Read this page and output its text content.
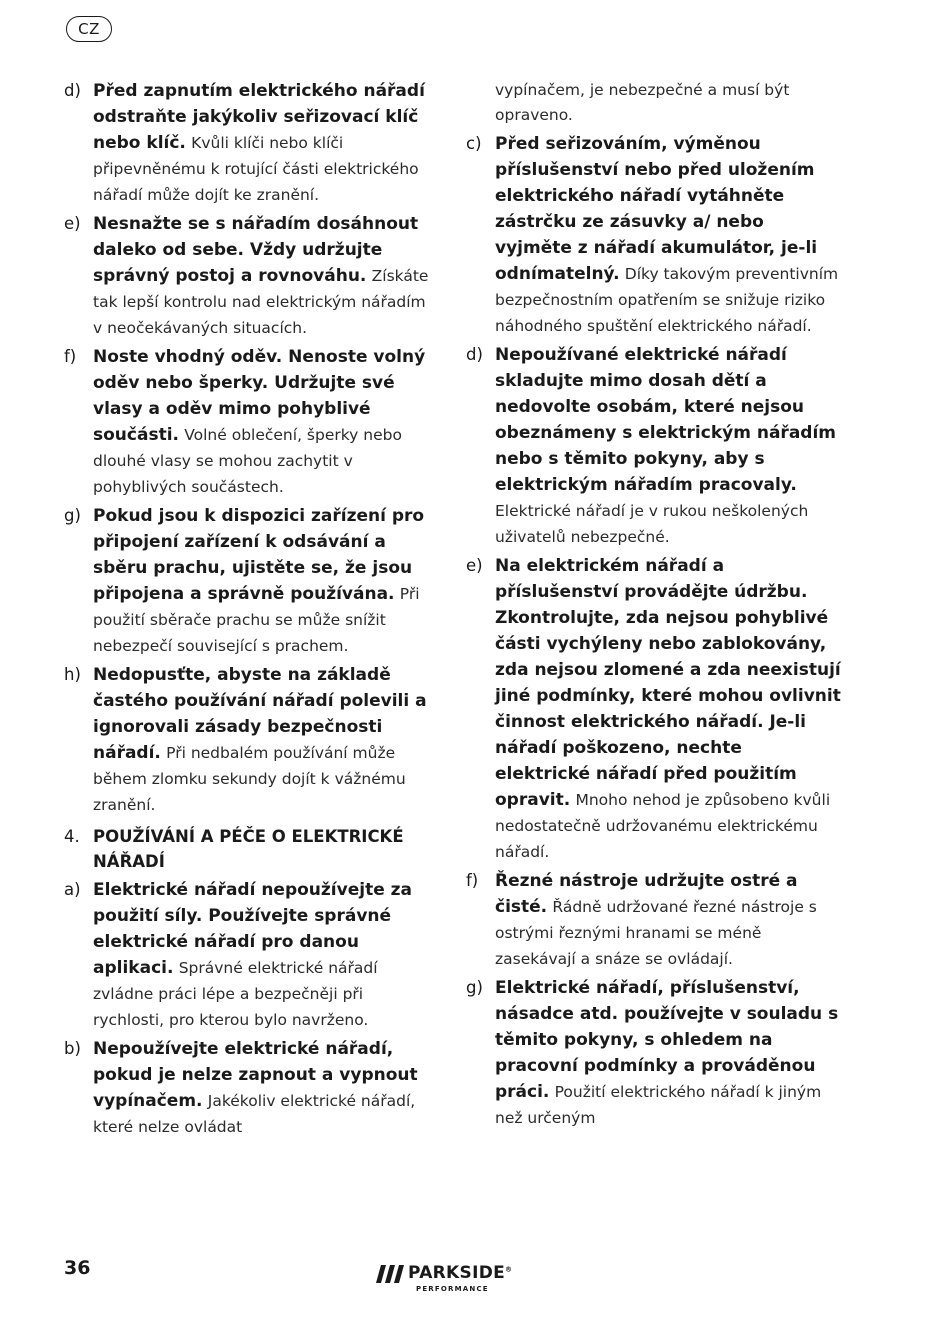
CZ
d) Před zapnutím elektrického nářadí odstraňte jakýkoliv seřizovací klíč nebo klíč. Kvůli klíči nebo klíči připevněnému k rotující části elektrického nářadí může dojít ke zranění.
e) Nesnažte se s nářadím dosáhnout daleko od sebe. Vždy udržujte správný postoj a rovnováhu. Získáte tak lepší kontrolu nad elektrickým nářadím v neočekávaných situacích.
f) Noste vhodný oděv. Nenoste volný oděv nebo šperky. Udržujte své vlasy a oděv mimo pohyblivé součásti. Volné oblečení, šperky nebo dlouhé vlasy se mohou zachytit v pohyblivých součástech.
g) Pokud jsou k dispozici zařízení pro připojení zařízení k odsávání a sběru prachu, ujistěte se, že jsou připojena a správně používána. Při použití sběrače prachu se může snížit nebezpečí související s prachem.
h) Nedopusťte, abyste na základě častého používání nářadí polevili a ignorovali zásady bezpečnosti nářadí. Při nedbalém používání může během zlomku sekundy dojít k vážnému zranění.
4. POUŽÍVÁNÍ A PÉČE O ELEKTRICKÉ NÁŘADÍ
a) Elektrické nářadí nepoužívejte za použití síly. Používejte správné elektrické nářadí pro danou aplikaci. Správné elektrické nářadí zvládne práci lépe a bezpečněji při rychlosti, pro kterou bylo navrženo.
b) Nepoužívejte elektrické nářadí, pokud je nelze zapnout a vypnout vypínačem. Jakékoliv elektrické nářadí, které nelze ovládat
vypínačem, je nebezpečné a musí být opraveno.
c) Před seřizováním, výměnou příslušenství nebo před uložením elektrického nářadí vytáhněte zástrčku ze zásuvky a/ nebo vyjměte z nářadí akumulátor, je-li odnímatelný. Díky takovým preventivním bezpečnostním opatřením se snižuje riziko náhodného spuštění elektrického nářadí.
d) Nepoužívané elektrické nářadí skladujte mimo dosah dětí a nedovolte osobám, které nejsou obeznámeny s elektrickým nářadím nebo s těmito pokyny, aby s elektrickým nářadím pracovaly. Elektrické nářadí je v rukou neškolených uživatelů nebezpečné.
e) Na elektrickém nářadí a příslušenství provádějte údržbu. Zkontrolujte, zda nejsou pohyblivé části vychýleny nebo zablokovány, zda nejsou zlomené a zda neexistují jiné podmínky, které mohou ovlivnit činnost elektrického nářadí. Je-li nářadí poškozeno, nechte elektrické nářadí před použitím opravit. Mnoho nehod je způsobeno kvůli nedostatečně udržovanému elektrickému nářadí.
f) Řezné nástroje udržujte ostré a čisté. Řádně udržované řezné nástroje s ostrými řeznými hranami se méně zasekávají a snáze se ovládají.
g) Elektrické nářadí, příslušenství, násadce atd. používejte v souladu s těmito pokyny, s ohledem na pracovní podmínky a prováděnou práci. Použití elektrického nářadí k jiným než určeným
36	PARKSIDE®
PERFORMANCE
